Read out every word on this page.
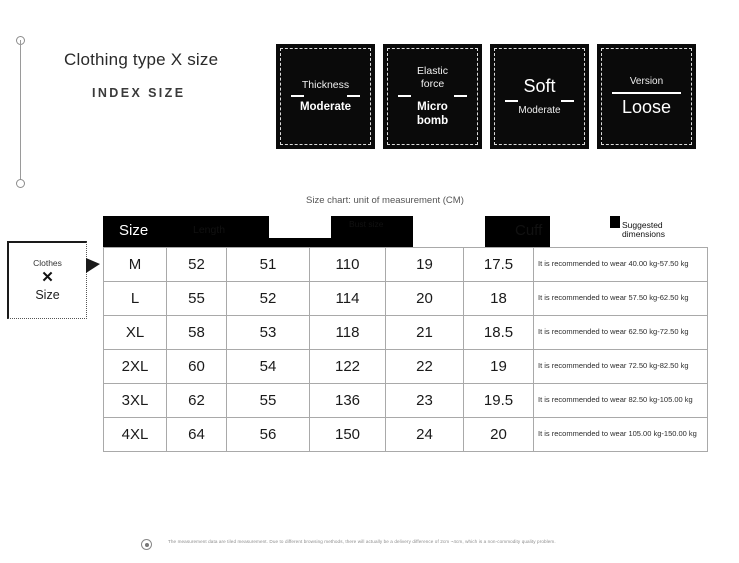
Clothing type X size
INDEX SIZE
Thickness
Moderate
Elastic
force
Micro
bomb
Soft
Moderate
Version
Loose
Size chart: unit of measurement (CM)
Clothes
✕
Size
Size	Length	肩宽	Bust size	Sleeve length	Cuff	Suggested dimensions
M	52	51	110	19	17.5	It is recommended to wear 40.00 kg-57.50 kg
L	55	52	114	20	18	It is recommended to wear 57.50 kg-62.50 kg
XL	58	53	118	21	18.5	It is recommended to wear 62.50 kg-72.50 kg
2XL	60	54	122	22	19	It is recommended to wear 72.50 kg-82.50 kg
3XL	62	55	136	23	19.5	It is recommended to wear 82.50 kg-105.00 kg
4XL	64	56	150	24	20	It is recommended to wear 105.00 kg-150.00 kg
The measurement data are tiled measurement. Due to different browsing methods, there will actually be a delivery difference of 2cm ~4cm, which is a non-commodity quality problem.
